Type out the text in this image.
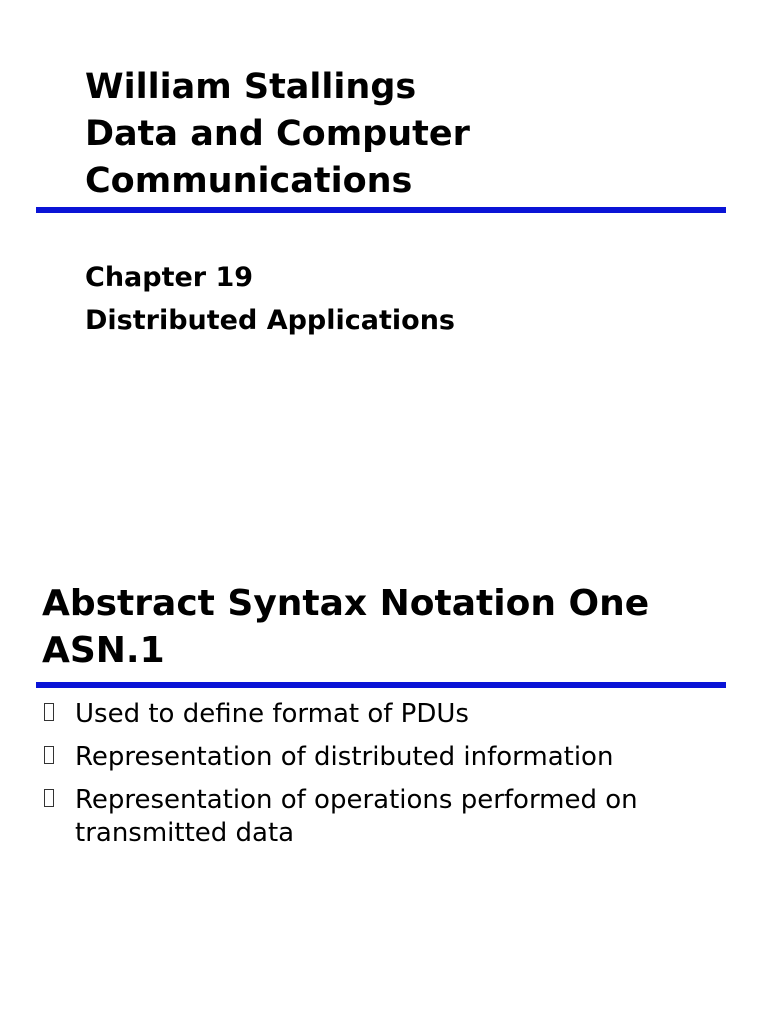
William Stallings
Data and Computer
Communications
Chapter 19
Distributed Applications
Abstract Syntax Notation One
ASN.1
Used to define format of PDUs
Representation of distributed information
Representation of operations performed on transmitted data
